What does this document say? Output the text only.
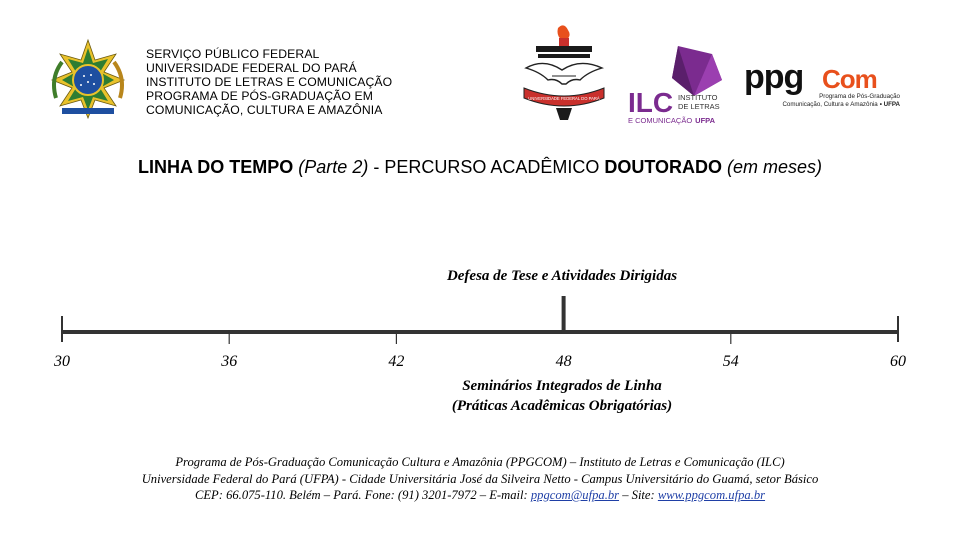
SERVIÇO PÚBLICO FEDERAL
UNIVERSIDADE FEDERAL DO PARÁ
INSTITUTO DE LETRAS E COMUNICAÇÃO
PROGRAMA DE PÓS-GRADUAÇÃO EM
COMUNICAÇÃO, CULTURA E AMAZÔNIA
UNIVERSIDADE FEDERAL DO PARÁ ILC INSTITUTO
DE LETRAS
E COMUNICAÇÃO UFPA
ppg Com
Programa de Pós-Graduação
Comunicação, Cultura e Amazônia • UFPA
LINHA DO TEMPO (Parte 2) - PERCURSO ACADÊMICO DOUTORADO (em meses)
Defesa de Tese e Atividades Dirigidas
30	36	42	48	54	60
Seminários Integrados de Linha
(Práticas Acadêmicas Obrigatórias)
Programa de Pós-Graduação Comunicação Cultura e Amazônia (PPGCOM) – Instituto de Letras e Comunicação (ILC)
Universidade Federal do Pará (UFPA) - Cidade Universitária José da Silveira Netto - Campus Universitário do Guamá, setor Básico
CEP: 66.075-110. Belém – Pará. Fone: (91) 3201-7972 – E-mail: ppgcom@ufpa.br – Site: www.ppgcom.ufpa.br
